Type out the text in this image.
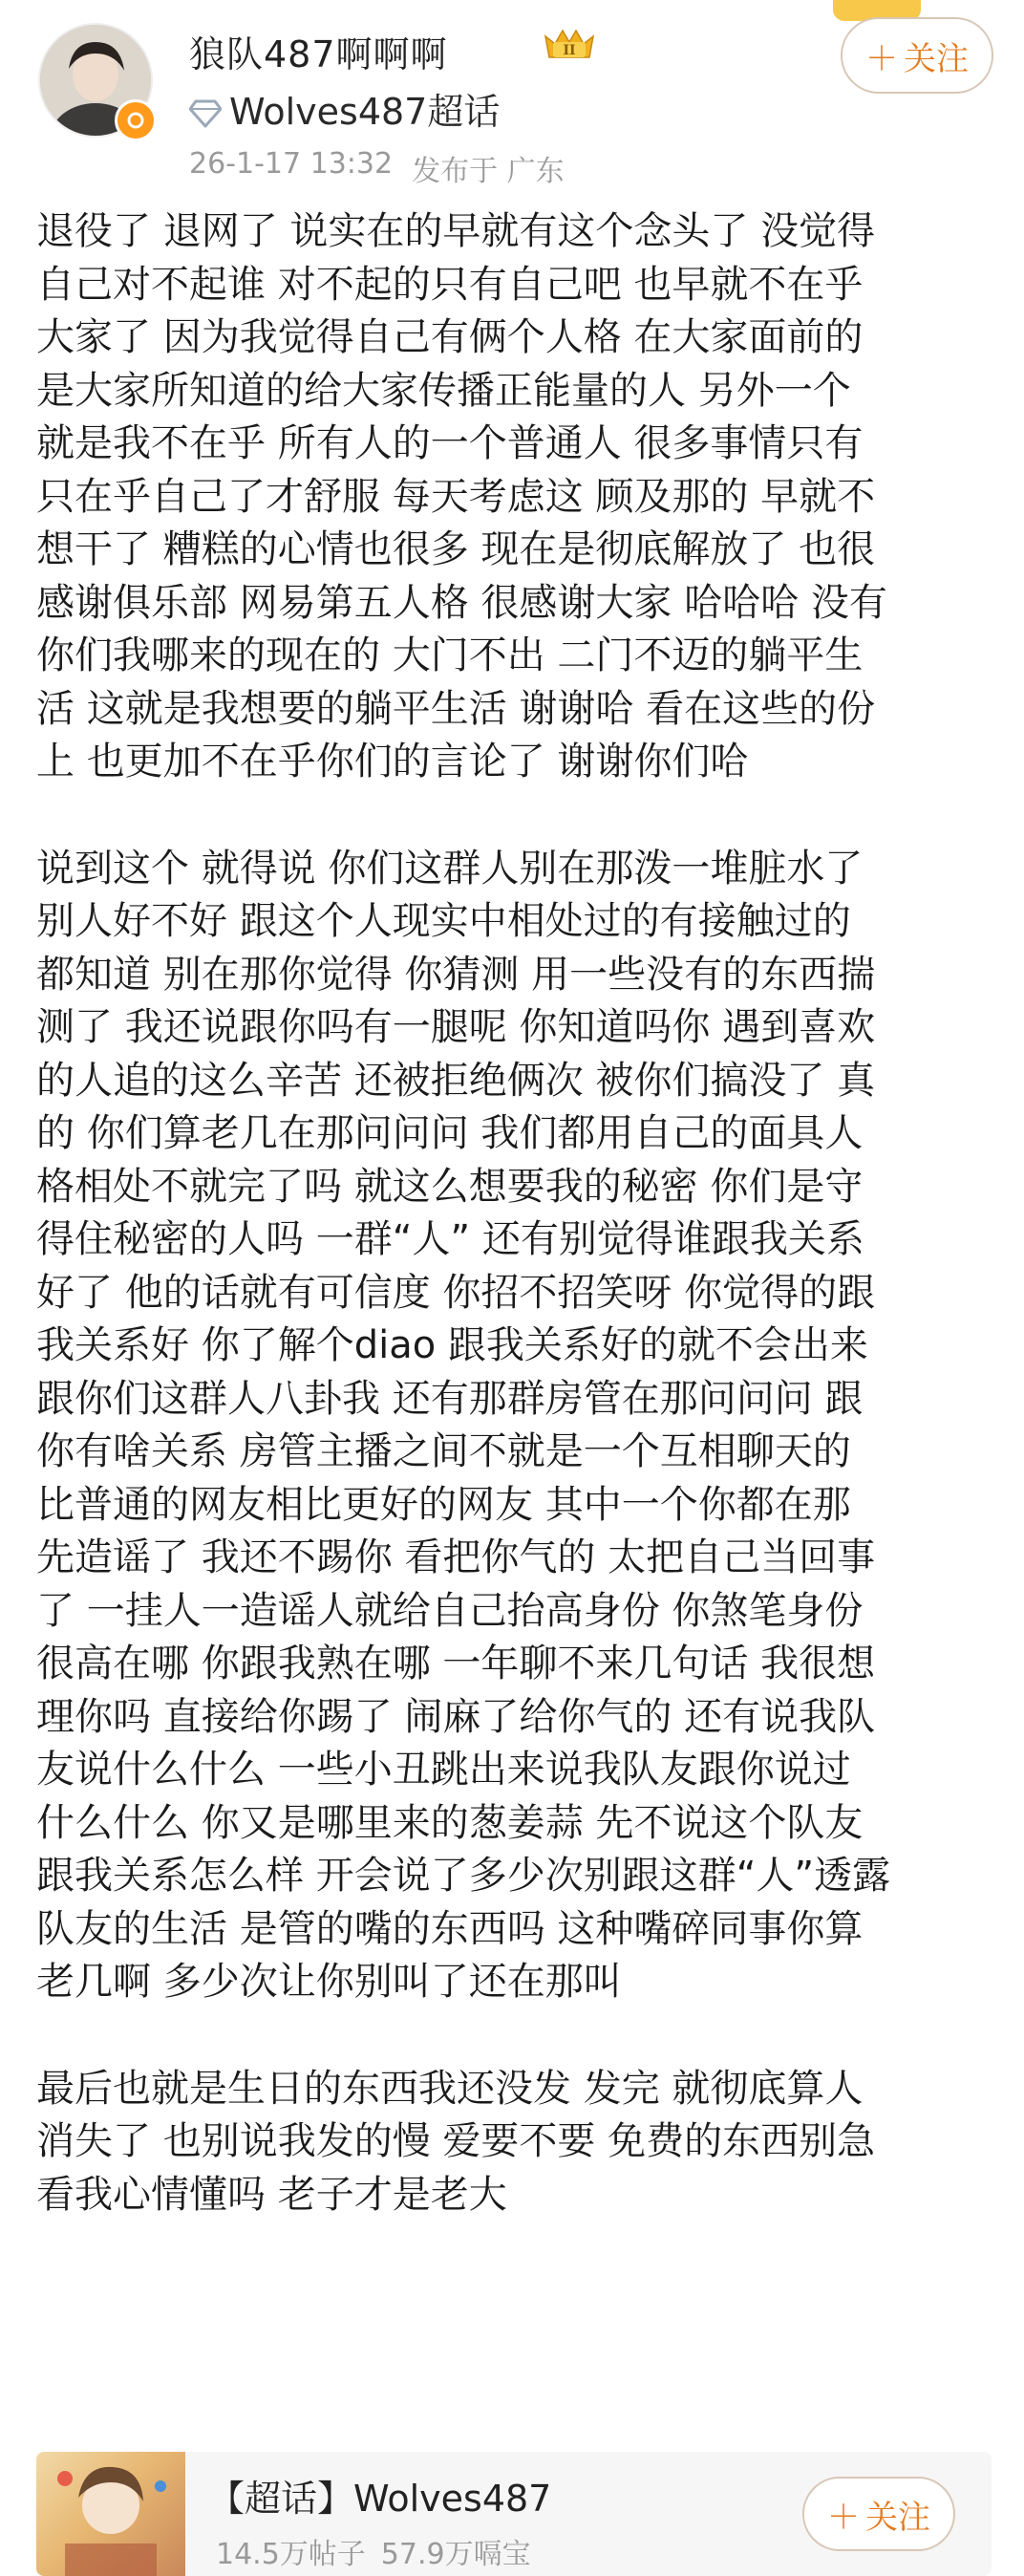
狼队487啊啊啊	II
Wolves487超话
26-1-17 13:32 发布于 广东
＋ 关注
退役了 退网了 说实在的早就有这个念头了 没觉得
自己对不起谁 对不起的只有自己吧 也早就不在乎
大家了 因为我觉得自己有俩个人格 在大家面前的
是大家所知道的给大家传播正能量的人 另外一个
就是我不在乎 所有人的一个普通人 很多事情只有
只在乎自己了才舒服 每天考虑这 顾及那的 早就不
想干了 糟糕的心情也很多 现在是彻底解放了 也很
感谢俱乐部 网易第五人格 很感谢大家 哈哈哈 没有
你们我哪来的现在的 大门不出 二门不迈的躺平生
活 这就是我想要的躺平生活 谢谢哈 看在这些的份
上 也更加不在乎你们的言论了 谢谢你们哈
说到这个 就得说 你们这群人别在那泼一堆脏水了
别人好不好 跟这个人现实中相处过的有接触过的
都知道 别在那你觉得 你猜测 用一些没有的东西揣
测了 我还说跟你吗有一腿呢 你知道吗你 遇到喜欢
的人追的这么辛苦 还被拒绝俩次 被你们搞没了 真
的 你们算老几在那问问问 我们都用自己的面具人
格相处不就完了吗 就这么想要我的秘密 你们是守
得住秘密的人吗 一群“人” 还有别觉得谁跟我关系
好了 他的话就有可信度 你招不招笑呀 你觉得的跟
我关系好 你了解个diao 跟我关系好的就不会出来
跟你们这群人八卦我 还有那群房管在那问问问 跟
你有啥关系 房管主播之间不就是一个互相聊天的
比普通的网友相比更好的网友 其中一个你都在那
先造谣了 我还不踢你 看把你气的 太把自己当回事
了 一挂人一造谣人就给自己抬高身份 你煞笔身份
很高在哪 你跟我熟在哪 一年聊不来几句话 我很想
理你吗 直接给你踢了 闹麻了给你气的 还有说我队
友说什么什么 一些小丑跳出来说我队友跟你说过
什么什么 你又是哪里来的葱姜蒜 先不说这个队友
跟我关系怎么样 开会说了多少次别跟这群“人”透露
队友的生活 是管的嘴的东西吗 这种嘴碎同事你算
老几啊 多少次让你别叫了还在那叫
最后也就是生日的东西我还没发 发完 就彻底算人
消失了 也别说我发的慢 爱要不要 免费的东西别急
看我心情懂吗 老子才是老大
【超话】Wolves487
14.5万帖子 57.9万嗝宝
＋ 关注
